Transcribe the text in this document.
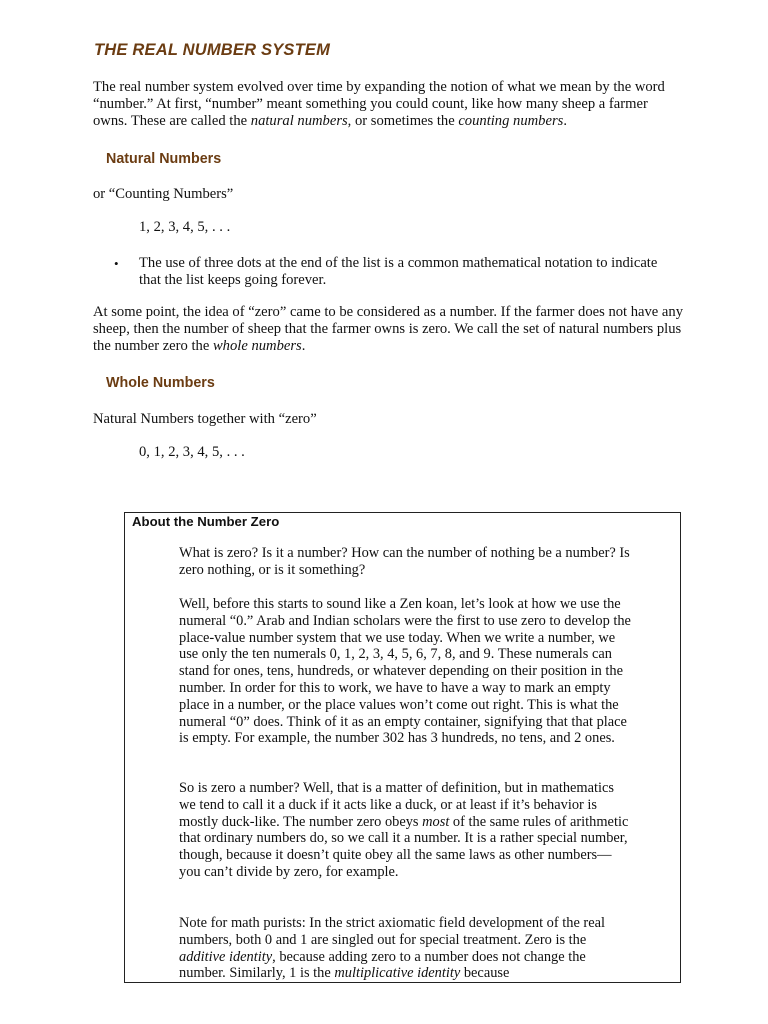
THE REAL NUMBER SYSTEM

The real number system evolved over time by expanding the notion of what we mean by the word “number.” At first, “number” meant something you could count, like how many sheep a farmer owns. These are called the natural numbers, or sometimes the counting numbers.

Natural Numbers

or “Counting Numbers”

1, 2, 3, 4, 5, . . .

• The use of three dots at the end of the list is a common mathematical notation to indicate that the list keeps going forever.

At some point, the idea of “zero” came to be considered as a number. If the farmer does not have any sheep, then the number of sheep that the farmer owns is zero. We call the set of natural numbers plus the number zero the whole numbers.

Whole Numbers

Natural Numbers together with “zero”

0, 1, 2, 3, 4, 5, . . .

About the Number Zero

What is zero? Is it a number? How can the number of nothing be a number? Is zero nothing, or is it something?

Well, before this starts to sound like a Zen koan, let’s look at how we use the numeral “0.” Arab and Indian scholars were the first to use zero to develop the place-value number system that we use today. When we write a number, we use only the ten numerals 0, 1, 2, 3, 4, 5, 6, 7, 8, and 9. These numerals can stand for ones, tens, hundreds, or whatever depending on their position in the number. In order for this to work, we have to have a way to mark an empty place in a number, or the place values won’t come out right. This is what the numeral “0” does. Think of it as an empty container, signifying that that place is empty. For example, the number 302 has 3 hundreds, no tens, and 2 ones.

So is zero a number? Well, that is a matter of definition, but in mathematics we tend to call it a duck if it acts like a duck, or at least if it’s behavior is mostly duck-like. The number zero obeys most of the same rules of arithmetic that ordinary numbers do, so we call it a number. It is a rather special number, though, because it doesn’t quite obey all the same laws as other numbers—you can’t divide by zero, for example.

Note for math purists: In the strict axiomatic field development of the real numbers, both 0 and 1 are singled out for special treatment. Zero is the additive identity, because adding zero to a number does not change the number. Similarly, 1 is the multiplicative identity because
